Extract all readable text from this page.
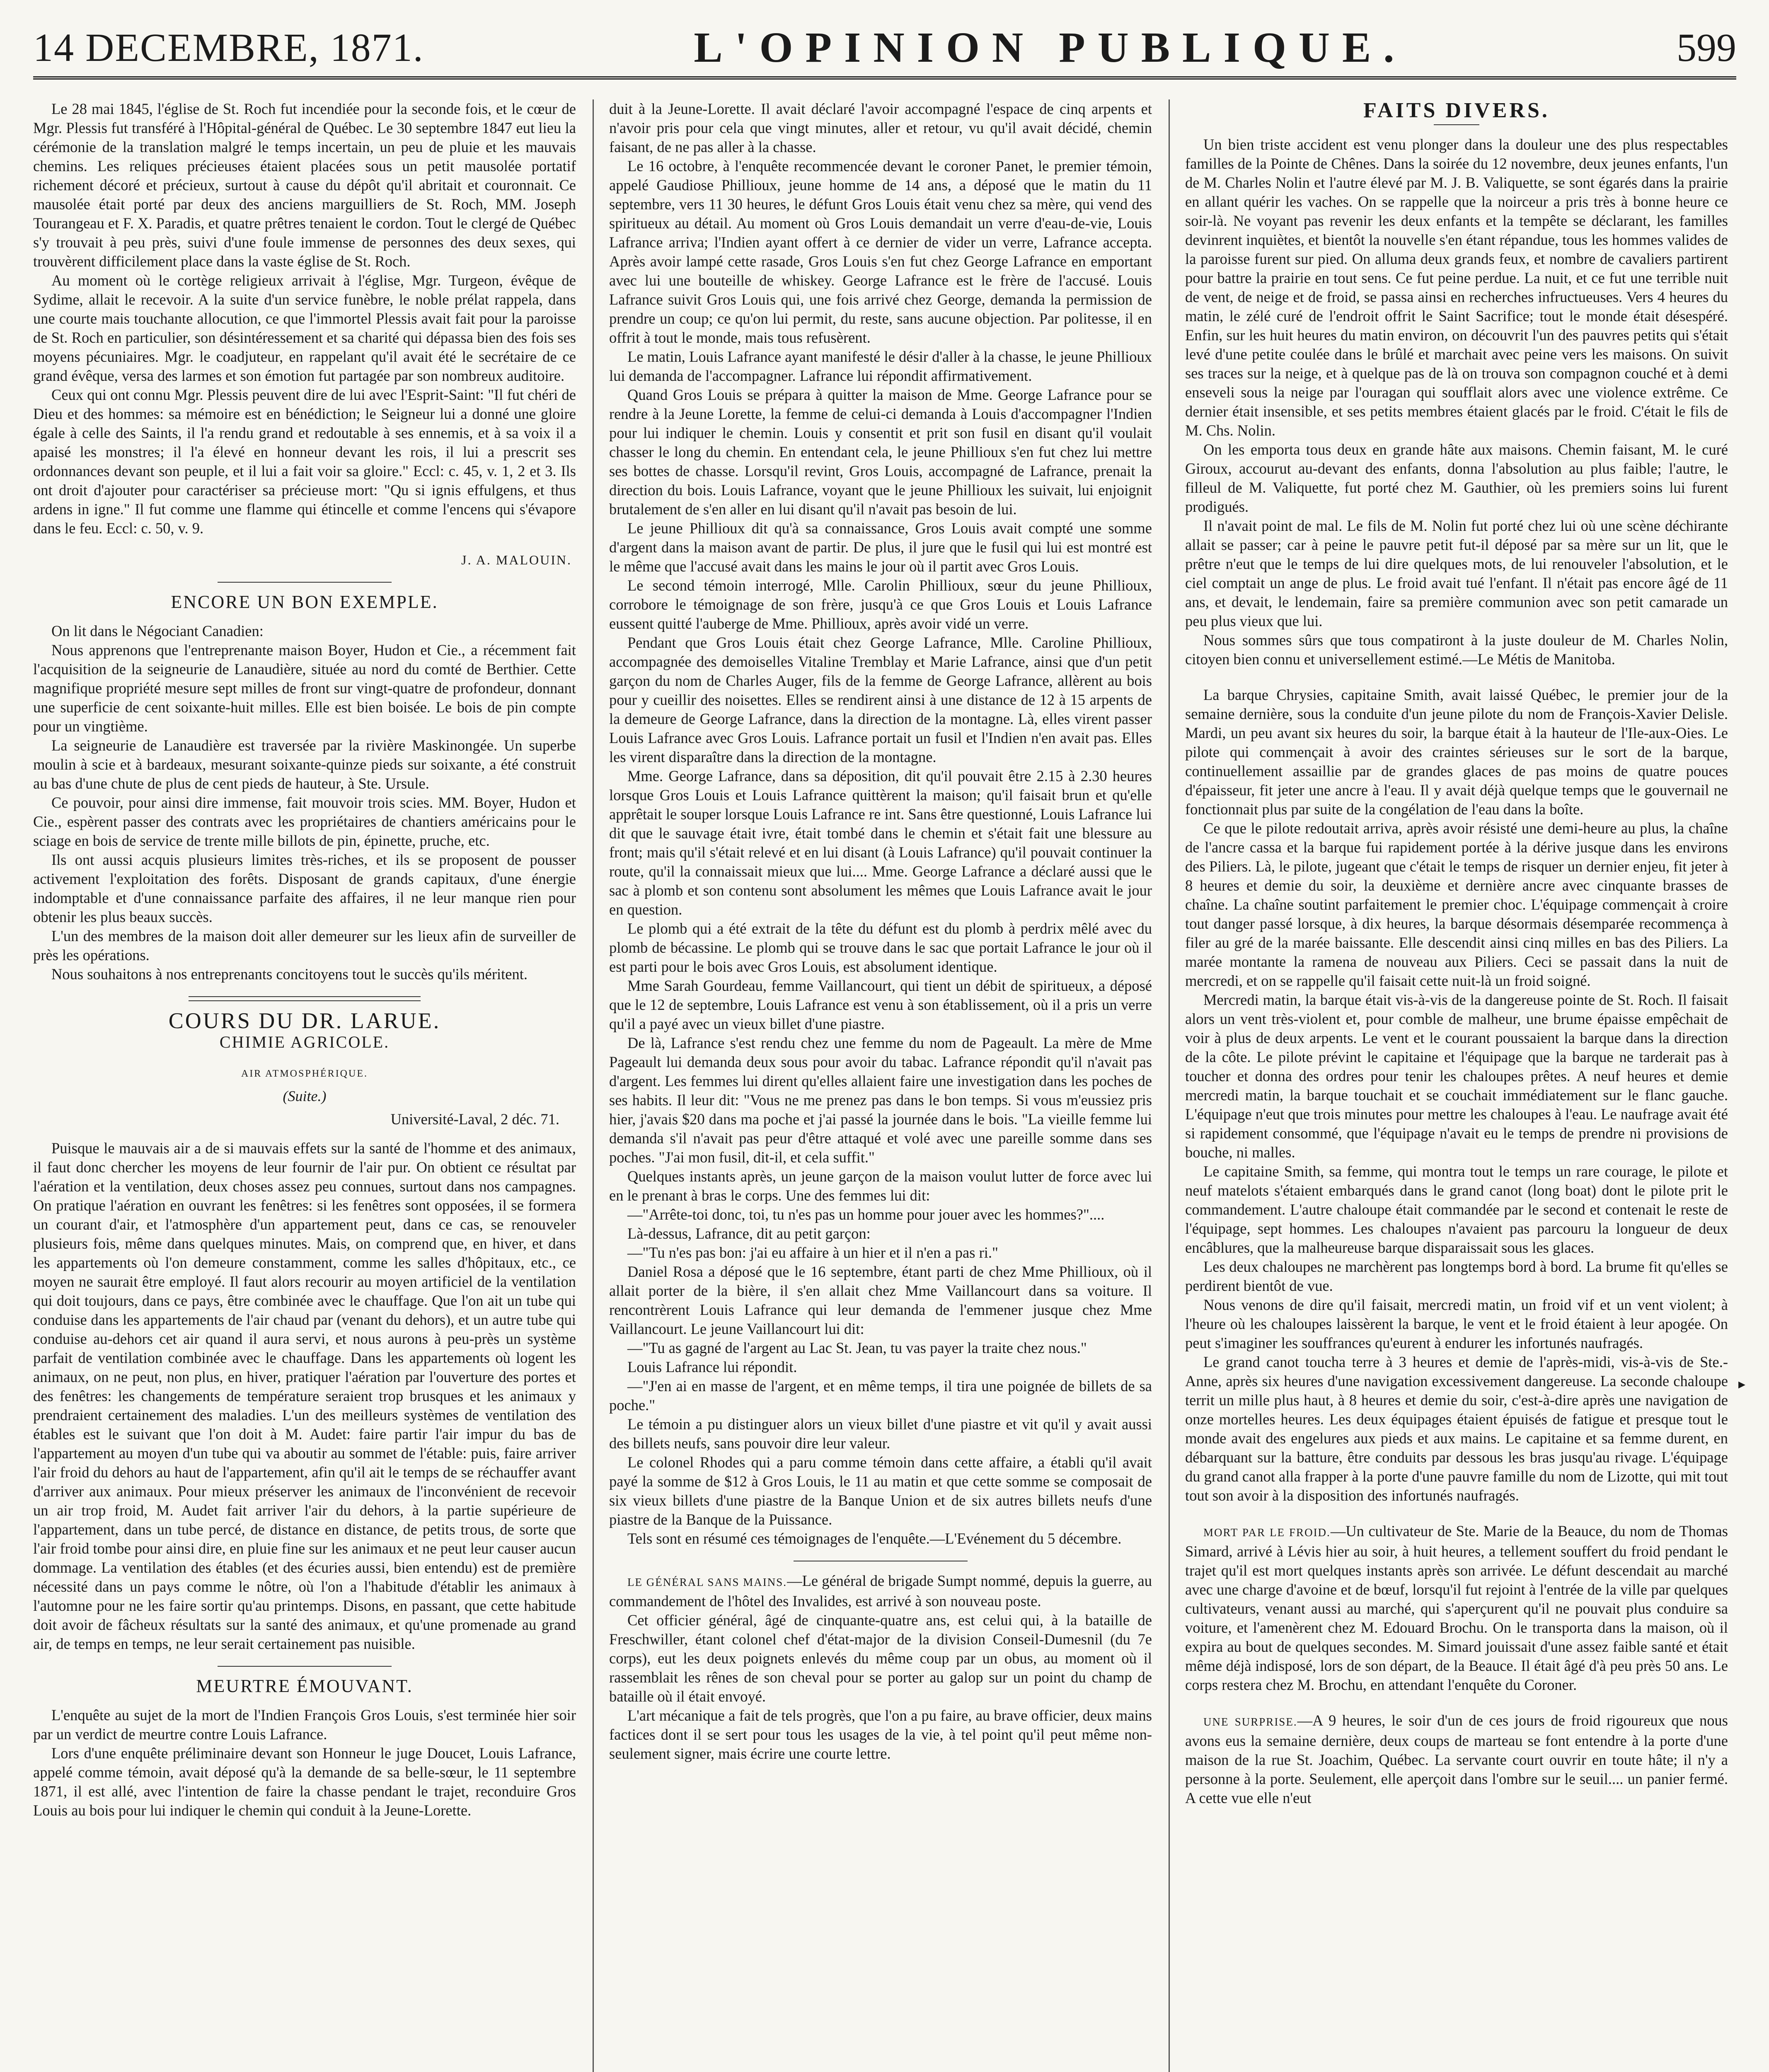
14 DECEMBRE, 1871.	L'OPINION PUBLIQUE.	599

Le 28 mai 1845, l'église de St. Roch fut incendiée pour la seconde fois, et le cœur de Mgr. Plessis fut transféré à l'Hôpital-général de Québec. Le 30 septembre 1847 eut lieu la cérémonie de la translation malgré le temps incertain, un peu de pluie et les mauvais chemins. Les reliques précieuses étaient placées sous un petit mausolée portatif richement décoré et précieux, surtout à cause du dépôt qu'il abritait et couronnait. Ce mausolée était porté par deux des anciens marguilliers de St. Roch, MM. Joseph Tourangeau et F. X. Paradis, et quatre prêtres tenaient le cordon. Tout le clergé de Québec s'y trouvait à peu près, suivi d'une foule immense de personnes des deux sexes, qui trouvèrent difficilement place dans la vaste église de St. Roch.

Au moment où le cortège religieux arrivait à l'église, Mgr. Turgeon, évêque de Sydime, allait le recevoir. A la suite d'un service funèbre, le noble prélat rappela, dans une courte mais touchante allocution, ce que l'immortel Plessis avait fait pour la paroisse de St. Roch en particulier, son désintéressement et sa charité qui dépassa bien des fois ses moyens pécuniaires. Mgr. le coadjuteur, en rappelant qu'il avait été le secrétaire de ce grand évêque, versa des larmes et son émotion fut partagée par son nombreux auditoire.

Ceux qui ont connu Mgr. Plessis peuvent dire de lui avec l'Esprit-Saint: "Il fut chéri de Dieu et des hommes: sa mémoire est en bénédiction; le Seigneur lui a donné une gloire égale à celle des Saints, il l'a rendu grand et redoutable à ses ennemis, et à sa voix il a apaisé les monstres; il l'a élevé en honneur devant les rois, il lui a prescrit ses ordonnances devant son peuple, et il lui a fait voir sa gloire." Eccl: c. 45, v. 1, 2 et 3. Ils ont droit d'ajouter pour caractériser sa précieuse mort: "Qu si ignis effulgens, et thus ardens in igne." Il fut comme une flamme qui étincelle et comme l'encens qui s'évapore dans le feu. Eccl: c. 50, v. 9.

J. A. MALOUIN.
ENCORE UN BON EXEMPLE.

On lit dans le Négociant Canadien:

Nous apprenons que l'entreprenante maison Boyer, Hudon et Cie., a récemment fait l'acquisition de la seigneurie de Lanaudière, située au nord du comté de Berthier. Cette magnifique propriété mesure sept milles de front sur vingt-quatre de profondeur, donnant une superficie de cent soixante-huit milles. Elle est bien boisée. Le bois de pin compte pour un vingtième.

La seigneurie de Lanaudière est traversée par la rivière Maskinongée. Un superbe moulin à scie et à bardeaux, mesurant soixante-quinze pieds sur soixante, a été construit au bas d'une chute de plus de cent pieds de hauteur, à Ste. Ursule.

Ce pouvoir, pour ainsi dire immense, fait mouvoir trois scies. MM. Boyer, Hudon et Cie., espèrent passer des contrats avec les propriétaires de chantiers américains pour le sciage en bois de service de trente mille billots de pin, épinette, pruche, etc.

Ils ont aussi acquis plusieurs limites très-riches, et ils se proposent de pousser activement l'exploitation des forêts. Disposant de grands capitaux, d'une énergie indomptable et d'une connaissance parfaite des affaires, il ne leur manque rien pour obtenir les plus beaux succès.

L'un des membres de la maison doit aller demeurer sur les lieux afin de surveiller de près les opérations.

Nous souhaitons à nos entreprenants concitoyens tout le succès qu'ils méritent.

COURS DU DR. LARUE.
CHIMIE AGRICOLE.
AIR ATMOSPHÉRIQUE.
(Suite.)
Université-Laval, 2 déc. 71.

Puisque le mauvais air a de si mauvais effets sur la santé de l'homme et des animaux, il faut donc chercher les moyens de leur fournir de l'air pur. On obtient ce résultat par l'aération et la ventilation, deux choses assez peu connues, surtout dans nos campagnes. On pratique l'aération en ouvrant les fenêtres: si les fenêtres sont opposées, il se formera un courant d'air, et l'atmosphère d'un appartement peut, dans ce cas, se renouveler plusieurs fois, même dans quelques minutes. Mais, on comprend que, en hiver, et dans les appartements où l'on demeure constamment, comme les salles d'hôpitaux, etc., ce moyen ne saurait être employé. Il faut alors recourir au moyen artificiel de la ventilation qui doit toujours, dans ce pays, être combinée avec le chauffage. Que l'on ait un tube qui conduise dans les appartements de l'air chaud par (venant du dehors), et un autre tube qui conduise au-dehors cet air quand il aura servi, et nous aurons à peu-près un système parfait de ventilation combinée avec le chauffage. Dans les appartements où logent les animaux, on ne peut, non plus, en hiver, pratiquer l'aération par l'ouverture des portes et des fenêtres: les changements de température seraient trop brusques et les animaux y prendraient certainement des maladies. L'un des meilleurs systèmes de ventilation des étables est le suivant que l'on doit à M. Audet: faire partir l'air impur du bas de l'appartement au moyen d'un tube qui va aboutir au sommet de l'étable: puis, faire arriver l'air froid du dehors au haut de l'appartement, afin qu'il ait le temps de se réchauffer avant d'arriver aux animaux. Pour mieux préserver les animaux de l'inconvénient de recevoir un air trop froid, M. Audet fait arriver l'air du dehors, à la partie supérieure de l'appartement, dans un tube percé, de distance en distance, de petits trous, de sorte que l'air froid tombe pour ainsi dire, en pluie fine sur les animaux et ne peut leur causer aucun dommage. La ventilation des étables (et des écuries aussi, bien entendu) est de première nécessité dans un pays comme le nôtre, où l'on a l'habitude d'établir les animaux à l'automne pour ne les faire sortir qu'au printemps. Disons, en passant, que cette habitude doit avoir de fâcheux résultats sur la santé des animaux, et qu'une promenade au grand air, de temps en temps, ne leur serait certainement pas nuisible.

MEURTRE ÉMOUVANT.

L'enquête au sujet de la mort de l'Indien François Gros Louis, s'est terminée hier soir par un verdict de meurtre contre Louis Lafrance.

Lors d'une enquête préliminaire devant son Honneur le juge Doucet, Louis Lafrance, appelé comme témoin, avait déposé qu'à la demande de sa belle-sœur, le 11 septembre 1871, il est allé, avec l'intention de faire la chasse pendant le trajet, reconduire Gros Louis au bois pour lui indiquer le chemin qui conduit à la Jeune-Lorette.

duit à la Jeune-Lorette. Il avait déclaré l'avoir accompagné l'espace de cinq arpents et n'avoir pris pour cela que vingt minutes, aller et retour, vu qu'il avait décidé, chemin faisant, de ne pas aller à la chasse.

Le 16 octobre, à l'enquête recommencée devant le coroner Panet, le premier témoin, appelé Gaudiose Phillioux, jeune homme de 14 ans, a déposé que le matin du 11 septembre, vers 11 30 heures, le défunt Gros Louis était venu chez sa mère, qui vend des spiritueux au détail. Au moment où Gros Louis demandait un verre d'eau-de-vie, Louis Lafrance arriva; l'Indien ayant offert à ce dernier de vider un verre, Lafrance accepta. Après avoir lampé cette rasade, Gros Louis s'en fut chez George Lafrance en emportant avec lui une bouteille de whiskey. George Lafrance est le frère de l'accusé. Louis Lafrance suivit Gros Louis qui, une fois arrivé chez George, demanda la permission de prendre un coup; ce qu'on lui permit, du reste, sans aucune objection. Par politesse, il en offrit à tout le monde, mais tous refusèrent.

Le matin, Louis Lafrance ayant manifesté le désir d'aller à la chasse, le jeune Phillioux lui demanda de l'accompagner. Lafrance lui répondit affirmativement.

Quand Gros Louis se prépara à quitter la maison de Mme. George Lafrance pour se rendre à la Jeune Lorette, la femme de celui-ci demanda à Louis d'accompagner l'Indien pour lui indiquer le chemin. Louis y consentit et prit son fusil en disant qu'il voulait chasser le long du chemin. En entendant cela, le jeune Phillioux s'en fut chez lui mettre ses bottes de chasse. Lorsqu'il revint, Gros Louis, accompagné de Lafrance, prenait la direction du bois. Louis Lafrance, voyant que le jeune Phillioux les suivait, lui enjoignit brutalement de s'en aller en lui disant qu'il n'avait pas besoin de lui.

Le jeune Phillioux dit qu'à sa connaissance, Gros Louis avait compté une somme d'argent dans la maison avant de partir. De plus, il jure que le fusil qui lui est montré est le même que l'accusé avait dans les mains le jour où il partit avec Gros Louis.

Le second témoin interrogé, Mlle. Carolin Phillioux, sœur du jeune Phillioux, corrobore le témoignage de son frère, jusqu'à ce que Gros Louis et Louis Lafrance eussent quitté l'auberge de Mme. Phillioux, après avoir vidé un verre.

Pendant que Gros Louis était chez George Lafrance, Mlle. Caroline Phillioux, accompagnée des demoiselles Vitaline Tremblay et Marie Lafrance, ainsi que d'un petit garçon du nom de Charles Auger, fils de la femme de George Lafrance, allèrent au bois pour y cueillir des noisettes. Elles se rendirent ainsi à une distance de 12 à 15 arpents de la demeure de George Lafrance, dans la direction de la montagne. Là, elles virent passer Louis Lafrance avec Gros Louis. Lafrance portait un fusil et l'Indien n'en avait pas. Elles les virent disparaître dans la direction de la montagne.

Mme. George Lafrance, dans sa déposition, dit qu'il pouvait être 2.15 à 2.30 heures lorsque Gros Louis et Louis Lafrance quittèrent la maison; qu'il faisait brun et qu'elle apprêtait le souper lorsque Louis Lafrance re int. Sans être questionné, Louis Lafrance lui dit que le sauvage était ivre, était tombé dans le chemin et s'était fait une blessure au front; mais qu'il s'était relevé et en lui disant (à Louis Lafrance) qu'il pouvait continuer la route, qu'il la connaissait mieux que lui.... Mme. George Lafrance a déclaré aussi que le sac à plomb et son contenu sont absolument les mêmes que Louis Lafrance avait le jour en question.

Le plomb qui a été extrait de la tête du défunt est du plomb à perdrix mêlé avec du plomb de bécassine. Le plomb qui se trouve dans le sac que portait Lafrance le jour où il est parti pour le bois avec Gros Louis, est absolument identique.

Mme Sarah Gourdeau, femme Vaillancourt, qui tient un débit de spiritueux, a déposé que le 12 de septembre, Louis Lafrance est venu à son établissement, où il a pris un verre qu'il a payé avec un vieux billet d'une piastre.

De là, Lafrance s'est rendu chez une femme du nom de Pageault. La mère de Mme Pageault lui demanda deux sous pour avoir du tabac. Lafrance répondit qu'il n'avait pas d'argent. Les femmes lui dirent qu'elles allaient faire une investigation dans les poches de ses habits. Il leur dit: "Vous ne me prenez pas dans le bon temps. Si vous m'eussiez pris hier, j'avais $20 dans ma poche et j'ai passé la journée dans le bois. "La vieille femme lui demanda s'il n'avait pas peur d'être attaqué et volé avec une pareille somme dans ses poches. "J'ai mon fusil, dit-il, et cela suffit."

Quelques instants après, un jeune garçon de la maison voulut lutter de force avec lui en le prenant à bras le corps. Une des femmes lui dit:

—"Arrête-toi donc, toi, tu n'es pas un homme pour jouer avec les hommes?"....

Là-dessus, Lafrance, dit au petit garçon:

—"Tu n'es pas bon: j'ai eu affaire à un hier et il n'en a pas ri."

Daniel Rosa a déposé que le 16 septembre, étant parti de chez Mme Phillioux, où il allait porter de la bière, il s'en allait chez Mme Vaillancourt dans sa voiture. Il rencontrèrent Louis Lafrance qui leur demanda de l'emmener jusque chez Mme Vaillancourt. Le jeune Vaillancourt lui dit:

—"Tu as gagné de l'argent au Lac St. Jean, tu vas payer la traite chez nous."

Louis Lafrance lui répondit.

—"J'en ai en masse de l'argent, et en même temps, il tira une poignée de billets de sa poche."

Le témoin a pu distinguer alors un vieux billet d'une piastre et vit qu'il y avait aussi des billets neufs, sans pouvoir dire leur valeur.

Le colonel Rhodes qui a paru comme témoin dans cette affaire, a établi qu'il avait payé la somme de $12 à Gros Louis, le 11 au matin et que cette somme se composait de six vieux billets d'une piastre de la Banque Union et de six autres billets neufs d'une piastre de la Banque de la Puissance.

Tels sont en résumé ces témoignages de l'enquête.—L'Evénement du 5 décembre.

LE GÉNÉRAL SANS MAINS.—Le général de brigade Sumpt nommé, depuis la guerre, au commandement de l'hôtel des Invalides, est arrivé à son nouveau poste.

Cet officier général, âgé de cinquante-quatre ans, est celui qui, à la bataille de Freschwiller, étant colonel chef d'état-major de la division Conseil-Dumesnil (du 7e corps), eut les deux poignets enlevés du même coup par un obus, au moment où il rassemblait les rênes de son cheval pour se porter au galop sur un point du champ de bataille où il était envoyé.

L'art mécanique a fait de tels progrès, que l'on a pu faire, au brave officier, deux mains factices dont il se sert pour tous les usages de la vie, à tel point qu'il peut même non-seulement signer, mais écrire une courte lettre.

FAITS DIVERS.

Un bien triste accident est venu plonger dans la douleur une des plus respectables familles de la Pointe de Chênes. Dans la soirée du 12 novembre, deux jeunes enfants, l'un de M. Charles Nolin et l'autre élevé par M. J. B. Valiquette, se sont égarés dans la prairie en allant quérir les vaches. On se rappelle que la noirceur a pris très à bonne heure ce soir-là. Ne voyant pas revenir les deux enfants et la tempête se déclarant, les familles devinrent inquiètes, et bientôt la nouvelle s'en étant répandue, tous les hommes valides de la paroisse furent sur pied. On alluma deux grands feux, et nombre de cavaliers partirent pour battre la prairie en tout sens. Ce fut peine perdue. La nuit, et ce fut une terrible nuit de vent, de neige et de froid, se passa ainsi en recherches infructueuses. Vers 4 heures du matin, le zélé curé de l'endroit offrit le Saint Sacrifice; tout le monde était désespéré. Enfin, sur les huit heures du matin environ, on découvrit l'un des pauvres petits qui s'était levé d'une petite coulée dans le brûlé et marchait avec peine vers les maisons. On suivit ses traces sur la neige, et à quelque pas de là on trouva son compagnon couché et à demi enseveli sous la neige par l'ouragan qui soufflait alors avec une violence extrême. Ce dernier était insensible, et ses petits membres étaient glacés par le froid. C'était le fils de M. Chs. Nolin.

On les emporta tous deux en grande hâte aux maisons. Chemin faisant, M. le curé Giroux, accourut au-devant des enfants, donna l'absolution au plus faible; l'autre, le filleul de M. Valiquette, fut porté chez M. Gauthier, où les premiers soins lui furent prodigués.

Il n'avait point de mal. Le fils de M. Nolin fut porté chez lui où une scène déchirante allait se passer; car à peine le pauvre petit fut-il déposé par sa mère sur un lit, que le prêtre n'eut que le temps de lui dire quelques mots, de lui renouveler l'absolution, et le ciel comptait un ange de plus. Le froid avait tué l'enfant. Il n'était pas encore âgé de 11 ans, et devait, le lendemain, faire sa première communion avec son petit camarade un peu plus vieux que lui.

Nous sommes sûrs que tous compatiront à la juste douleur de M. Charles Nolin, citoyen bien connu et universellement estimé.—Le Métis de Manitoba.

La barque Chrysies, capitaine Smith, avait laissé Québec, le premier jour de la semaine dernière, sous la conduite d'un jeune pilote du nom de François-Xavier Delisle. Mardi, un peu avant six heures du soir, la barque était à la hauteur de l'Ile-aux-Oies. Le pilote qui commençait à avoir des craintes sérieuses sur le sort de la barque, continuellement assaillie par de grandes glaces de pas moins de quatre pouces d'épaisseur, fit jeter une ancre à l'eau. Il y avait déjà quelque temps que le gouvernail ne fonctionnait plus par suite de la congélation de l'eau dans la boîte.

Ce que le pilote redoutait arriva, après avoir résisté une demi-heure au plus, la chaîne de l'ancre cassa et la barque fui rapidement portée à la dérive jusque dans les environs des Piliers. Là, le pilote, jugeant que c'était le temps de risquer un dernier enjeu, fit jeter à 8 heures et demie du soir, la deuxième et dernière ancre avec cinquante brasses de chaîne. La chaîne soutint parfaitement le premier choc. L'équipage commençait à croire tout danger passé lorsque, à dix heures, la barque désormais désemparée recommença à filer au gré de la marée baissante. Elle descendit ainsi cinq milles en bas des Piliers. La marée montante la ramena de nouveau aux Piliers. Ceci se passait dans la nuit de mercredi, et on se rappelle qu'il faisait cette nuit-là un froid soigné.

Mercredi matin, la barque était vis-à-vis de la dangereuse pointe de St. Roch. Il faisait alors un vent très-violent et, pour comble de malheur, une brume épaisse empêchait de voir à plus de deux arpents. Le vent et le courant poussaient la barque dans la direction de la côte. Le pilote prévint le capitaine et l'équipage que la barque ne tarderait pas à toucher et donna des ordres pour tenir les chaloupes prêtes. A neuf heures et demie mercredi matin, la barque touchait et se couchait immédiatement sur le flanc gauche. L'équipage n'eut que trois minutes pour mettre les chaloupes à l'eau. Le naufrage avait été si rapidement consommé, que l'équipage n'avait eu le temps de prendre ni provisions de bouche, ni malles.

Le capitaine Smith, sa femme, qui montra tout le temps un rare courage, le pilote et neuf matelots s'étaient embarqués dans le grand canot (long boat) dont le pilote prit le commandement. L'autre chaloupe était commandée par le second et contenait le reste de l'équipage, sept hommes. Les chaloupes n'avaient pas parcouru la longueur de deux encâblures, que la malheureuse barque disparaissait sous les glaces.

Les deux chaloupes ne marchèrent pas longtemps bord à bord. La brume fit qu'elles se perdirent bientôt de vue.

Nous venons de dire qu'il faisait, mercredi matin, un froid vif et un vent violent; à l'heure où les chaloupes laissèrent la barque, le vent et le froid étaient à leur apogée. On peut s'imaginer les souffrances qu'eurent à endurer les infortunés naufragés.

Le grand canot toucha terre à 3 heures et demie de l'après-midi, vis-à-vis de Ste.-Anne, après six heures d'une navigation excessivement dangereuse. La seconde chaloupe territ un mille plus haut, à 8 heures et demie du soir, c'est-à-dire après une navigation de onze mortelles heures. Les deux équipages étaient épuisés de fatigue et presque tout le monde avait des engelures aux pieds et aux mains. Le capitaine et sa femme durent, en débarquant sur la batture, être conduits par dessous les bras jusqu'au rivage. L'équipage du grand canot alla frapper à la porte d'une pauvre famille du nom de Lizotte, qui mit tout tout son avoir à la disposition des infortunés naufragés.

MORT PAR LE FROID.—Un cultivateur de Ste. Marie de la Beauce, du nom de Thomas Simard, arrivé à Lévis hier au soir, à huit heures, a tellement souffert du froid pendant le trajet qu'il est mort quelques instants après son arrivée. Le défunt descendait au marché avec une charge d'avoine et de bœuf, lorsqu'il fut rejoint à l'entrée de la ville par quelques cultivateurs, venant aussi au marché, qui s'aperçurent qu'il ne pouvait plus conduire sa voiture, et l'amenèrent chez M. Edouard Brochu. On le transporta dans la maison, où il expira au bout de quelques secondes. M. Simard jouissait d'une assez faible santé et était même déjà indisposé, lors de son départ, de la Beauce. Il était âgé d'à peu près 50 ans. Le corps restera chez M. Brochu, en attendant l'enquête du Coroner.

UNE SURPRISE.—A 9 heures, le soir d'un de ces jours de froid rigoureux que nous avons eus la semaine dernière, deux coups de marteau se font entendre à la porte d'une maison de la rue St. Joachim, Québec. La servante court ouvrir en toute hâte; il n'y a personne à la porte. Seulement, elle aperçoit dans l'ombre sur le seuil.... un panier fermé. A cette vue elle n'eut

▸
